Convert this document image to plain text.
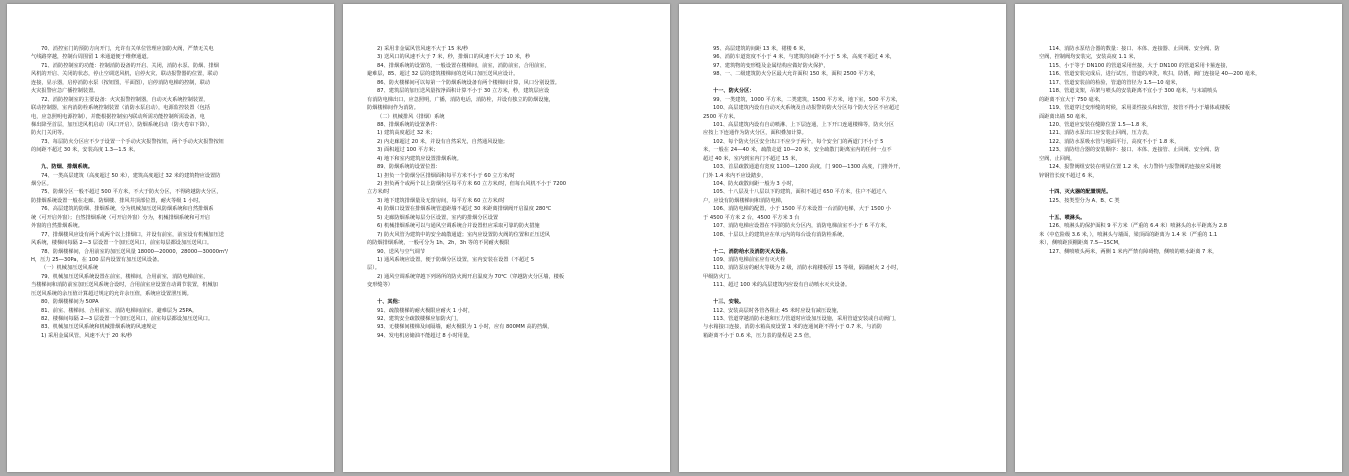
70、消控室门的预防方向开门，允许有关单位管理应加防火阀，严禁无关电
气线路穿越，控制台周围留 1 米通道便于维修通道。
71、消防控制室的功能：控制消防设备的开启、关闭，消防水泵、防烟、排烟
风机的开启、关闭的状态，停止空调送风机，启停火灾、联动报警器的位置，联动
连接，显示器，启停消防水泵（按钮图，平面图），启停消防电梯的控制，联动
火灾报警应急广播控制装置。
72、消防控制室的主要设备：火灾报警控制器，自动灭火系统控制装置，
联动控制器，室内消防栓系统控制装置（消防水泵启动），电源监控装置（包括
电，应急照明电源控制），并能根据控制室内联动所需功能控制所需设备，电
梯出降至首层，加压送风机启动（风口开启），防烟系统启动（防火卷帘下降），
防火门关闭等。
73、每层防火分区应不少于设置一个手动火灾报警按钮，两个手动火灾报警按钮
的间距不超过 30 米，安装高度 1.3—1.5 米。
九、防烟、排烟系统。
74、一类高层建筑（高度超过 50 米），建筑高度超过 32 米的建筑物应设置防
烟分区。
75、防烟分区一般不超过 500 平方米，不大于防火分区，不得跨越防火分区，
防排烟系统设置一般在走廊、防烟楼、排风井顶部位置，耐火等级 1 小时。
76、高层建筑的防烟、排烟系统，分为机械加压送风防烟系统和自然排烟系
统（可开启外窗）；自然排烟系统（可开启外窗）分为，机械排烟系统和可开启
外窗的自然排烟系统。
77、排烟楼风应设有两个或两个以上排烟口，并设有前室，前室设有机械加压送
风系统，楼梯间每隔 2—3 层设置一个加压送风口，前室每层都设加压送风口。
78、防烟楼梯间，合用前室的加压送风量 18000—20000，28000—30000m³/
H，压力 25—30Pa，在 100 层内设置有加压送风设备。
（一）机械加压送风系统
79、机械加压送风系统设置在前室，楼梯间，合用前室，消防电梯前室，
当楼梯间和消防前室加压送风系统合设时，合用前室应设置自动调节装置，机械加
压送风系统的余压值计算超过规定的允许余压值，系统应设置泄压阀。
80、防烟楼梯间为 50PA
81、前室、楼梯间、合用前室、消防电梯间前室、避难层为 25PA。
82、楼梯间每隔 2—3 层设置一个加压送风口，前室每层都设加压送风口。
83、机械加压送风系统和机械排烟系统的风速规定
1) 采用金属风管，风速不大于 20 米/秒
2) 采用非金属风管风速不大于 15 米/秒
3) 送风口的风速不大于 7 米，秒，排烟口的风速不大于 10 米，秒
84、排烟系统的设置的，一般设置在楼梯间，前室，消防前室，合用前室，
避难层，85、超过 32 层的建筑楼梯间的送风口加压送风应设计。
86、防火楼梯间可以每第一个防烟系统设备有两个楼梯间计算，风口分别设置。
87、建筑层的加压送风量按净面积计算不小于 30 立方米，秒，建筑层应设
有消防电梯出口，应急照明，广播，消防电话，消防栓，并设有独立的防烟设施，
防烟楼梯间作为消防。
（二）机械排风（排烟）系统
88、排烟系统的设置条件：
1) 建筑高度超过 32 米；
2) 内走廊超过 20 米，并设有自然采光，自然通风设施；
3) 面积超过 100 平方米；
4) 地下和室内建筑应设置排烟系统。
89、防烟系统的设置位置：
1) 担负一个防烟分区排烟面积每平方米不小于 60 立方米/时
2) 担负两个或两个以上防烟分区每平方米 60 立方米/时，但每台风机不小于 7200
立方米/时
3) 地下建筑排烟量及无窗房间，每平方米 60 立方米/时
4) 防烟口设置在排烟系统管道距墙不超过 30 米距离排烟阀开启温度 280℃
5) 走廊防烟系统每层分区设置，室内的排烟分区设置
6) 机械排烟系统可以与通风空调系统合并设置但应采取可靠的防火措施
7) 防火风管为建筑中的安全疏散通道；室内应设置防火阀的位置和正压送风
的防烟排烟系统，一般可分为 1h、2h，3h 等的不同耐火极限
90、送风与空气调节
1) 通风系统应设置，便于防烟分区设置，室内安装在设置（不超过 5
层）。
2) 通风空调系统穿越下列场所的防火阀开启温度为 70℃（穿越防火分区墙，楼板
变形缝等）
十、其他：
91、疏散楼梯的耐火极限应耐火 1 小时，
92、建筑安全疏散楼梯应加防火门，
93、无楼梯间楼梯及间隔墙，耐火极限为 1 小时，应有 800MM 高的挡烟，
94、发电机房储油不能超过 8 小时用量，
95、高层建筑的间距 13 米，裙楼 6 米，
96、消防车道宽度不小于 4 米，与建筑的间距不小于 5 米，高度不超过 4 米，
97、建筑物的变形缝及金属结构应做好防火保护，
98、一、二级建筑防火分区最大允许面积 150 米，面积 2500 平方米，
十一、防火分区：
99、一类建筑，1000 平方米，二类建筑，1500 平方米，地下室，500 平方米，
100、高层建筑内设有自动灭火系统及自动报警的防火分区每个防火分区不应超过
2500 平方米。
101、高层建筑内设有自动喷淋、上下层连通，上下开口连通楼梯等，防火分区
应按上下连通作为防火分区，面积叠加计算。
102、每个防火分区安全出口不应少于两个，每个安全门的两道门不小于 5
米，一般在 24—40 米，疏散走道 10—20 米，安全疏散门距离室内的任何一点不
超过 40 米，室内到室内门不超过 15 米，
103、首层疏散通道有宽度 1100—1200 高度，门 900—1300 高度，门推外开，
门外 1.4 米内不应设踏步，
104、防火疏散间距一般为 3 小时，
105、十八层及十八层以下的建筑，面积不超过 650 平方米，住户不超过八
户，应设有防烟楼梯间和消防电梯，
106、消防电梯的配置，小于 1500 平方米设置一台消防电梯，大于 1500 小
于 4500 平方米 2 台，4500 平方米 3 台
107、消防电梯应设置在不同的防火分区内，消防电梯前室不小于 6 平方米，
108、十层以上的建筑应在单元内的每台设有消防栓系统，
十二、消防给水及消防灭火设备。
109、消防电梯前室应有灭火栓
110、消防泵房的耐火等级为 2 级，消防水箱楼板厚 15 等级，隔墙耐火 2 小时，
甲级防火门。
111、超过 100 米的高层建筑内应设有自动喷水灭火设备。
十三、安装。
112、安装高层时各管各阻止 45 米时应设有减压设施，
113、管道穿越消防水池和压力管道时应设加压设施，采用管道安装或自动阀门，
与水箱接口连接，消防水箱高度设置 1 米的连通间距不得小于 0.7 米，与消防
箱距离不小于 0.6 米，压力表的量程是 2.5 倍，
114、消防水泵结合器的数量：接口、本体、连接器、止回阀、安全阀、防
空阀，控制阀均安装完，安装高度 1.1 米，
115、小于等于 DN100 的管道采用丝接，大于 DN100 的管道采用卡箍连接，
116、管道安装完成后，进行试压，管道的冲洗，吹扫，防锈，阀门连接是 40—200 毫米，
117、管道安装前的检验，管道的管径为 1.5—10 毫米，
118、管道支架，吊架与喷头的安装距离不宜小于 300 毫米，与末端喷头
的距离不宜大于 750 毫米，
119、管道穿过变形缝的时候，采用柔性接头和软管，按管不得小于墙体或楼板
面距离出墙 50 毫米，
120、管道应安装在缝隙位置 1.5—1.8 米，
121、消防水泵出口应安装止回阀，压力表，
122、消防水泵吸水管与地面平行，高度不小于 1.8 米，
123、消防结合器的安装顺序：接口、本体、连接管、止回阀、安全阀、防
空阀，止回阀，
124、报警阀组安装在明显位置 1.2 米，水力警铃与报警阀的连接应采用镀
锌钢管长度不超过 6 米，
十四、灭火器的配置规范。
125、按类型分为 A、B、C 类
十五、喷淋头。
126、喷淋头的保护面积 9 平方米（严重的 6.4 米）喷淋头的水平距离为 2.8
米（中危险级 3.6 米，），喷淋头与墙面，梁顶面的距离为 1.4 米（严重的 1.1
米），侧喷距顶棚距离 7.5—15CM，
127、侧喷喷头两米，两侧 1 米内严禁有障碍物，侧喷的喷水距离 7 米，
